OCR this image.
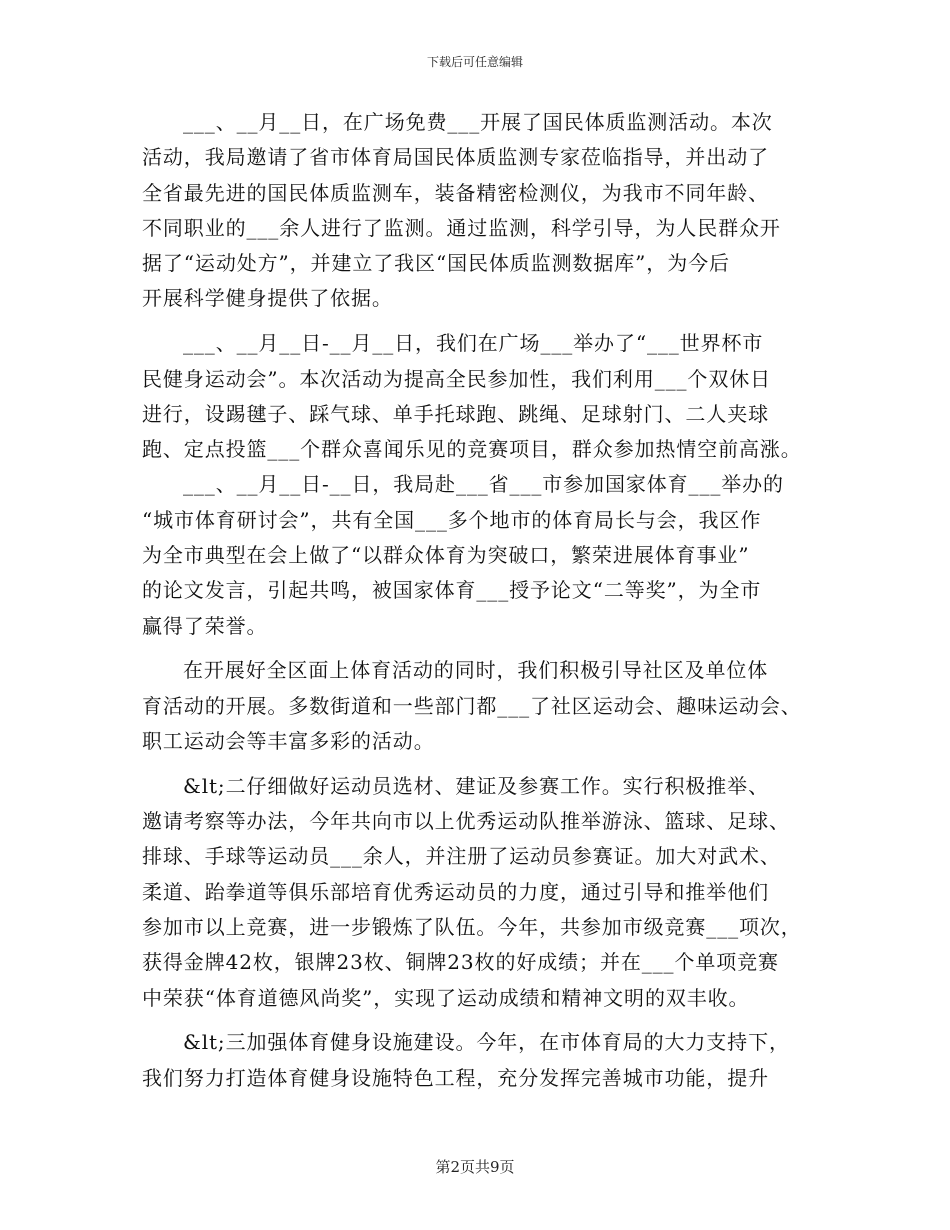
下载后可任意编辑
___、__月__日，在广场免费___开展了国民体质监测活动。本次
活动，我局邀请了省市体育局国民体质监测专家莅临指导，并出动了
全省最先进的国民体质监测车，装备精密检测仪，为我市不同年龄、
不同职业的___余人进行了监测。通过监测，科学引导，为人民群众开
据了“运动处方”，并建立了我区“国民体质监测数据库”，为今后
开展科学健身提供了依据。
___、__月__日-__月__日，我们在广场___举办了“___世界杯市
民健身运动会”。本次活动为提高全民参加性，我们利用___个双休日
进行，设踢毽子、踩气球、单手托球跑、跳绳、足球射门、二人夹球
跑、定点投篮___个群众喜闻乐见的竞赛项目，群众参加热情空前高涨。
___、__月__日-__日，我局赴___省___市参加国家体育___举办的
“城市体育研讨会”，共有全国___多个地市的体育局长与会，我区作
为全市典型在会上做了“以群众体育为突破口，繁荣进展体育事业”
的论文发言，引起共鸣，被国家体育___授予论文“二等奖”，为全市
赢得了荣誉。
在开展好全区面上体育活动的同时，我们积极引导社区及单位体
育活动的开展。多数街道和一些部门都___了社区运动会、趣味运动会、
职工运动会等丰富多彩的活动。
&lt;二仔细做好运动员选材、建证及参赛工作。实行积极推举、
邀请考察等办法，今年共向市以上优秀运动队推举游泳、篮球、足球、
排球、手球等运动员___余人，并注册了运动员参赛证。加大对武术、
柔道、跆拳道等俱乐部培育优秀运动员的力度，通过引导和推举他们
参加市以上竞赛，进一步锻炼了队伍。今年，共参加市级竞赛___项次，
获得金牌42枚，银牌23枚、铜牌23枚的好成绩；并在___个单项竞赛
中荣获“体育道德风尚奖”，实现了运动成绩和精神文明的双丰收。
&lt;三加强体育健身设施建设。今年，在市体育局的大力支持下，
我们努力打造体育健身设施特色工程，充分发挥完善城市功能，提升
第2页共9页
